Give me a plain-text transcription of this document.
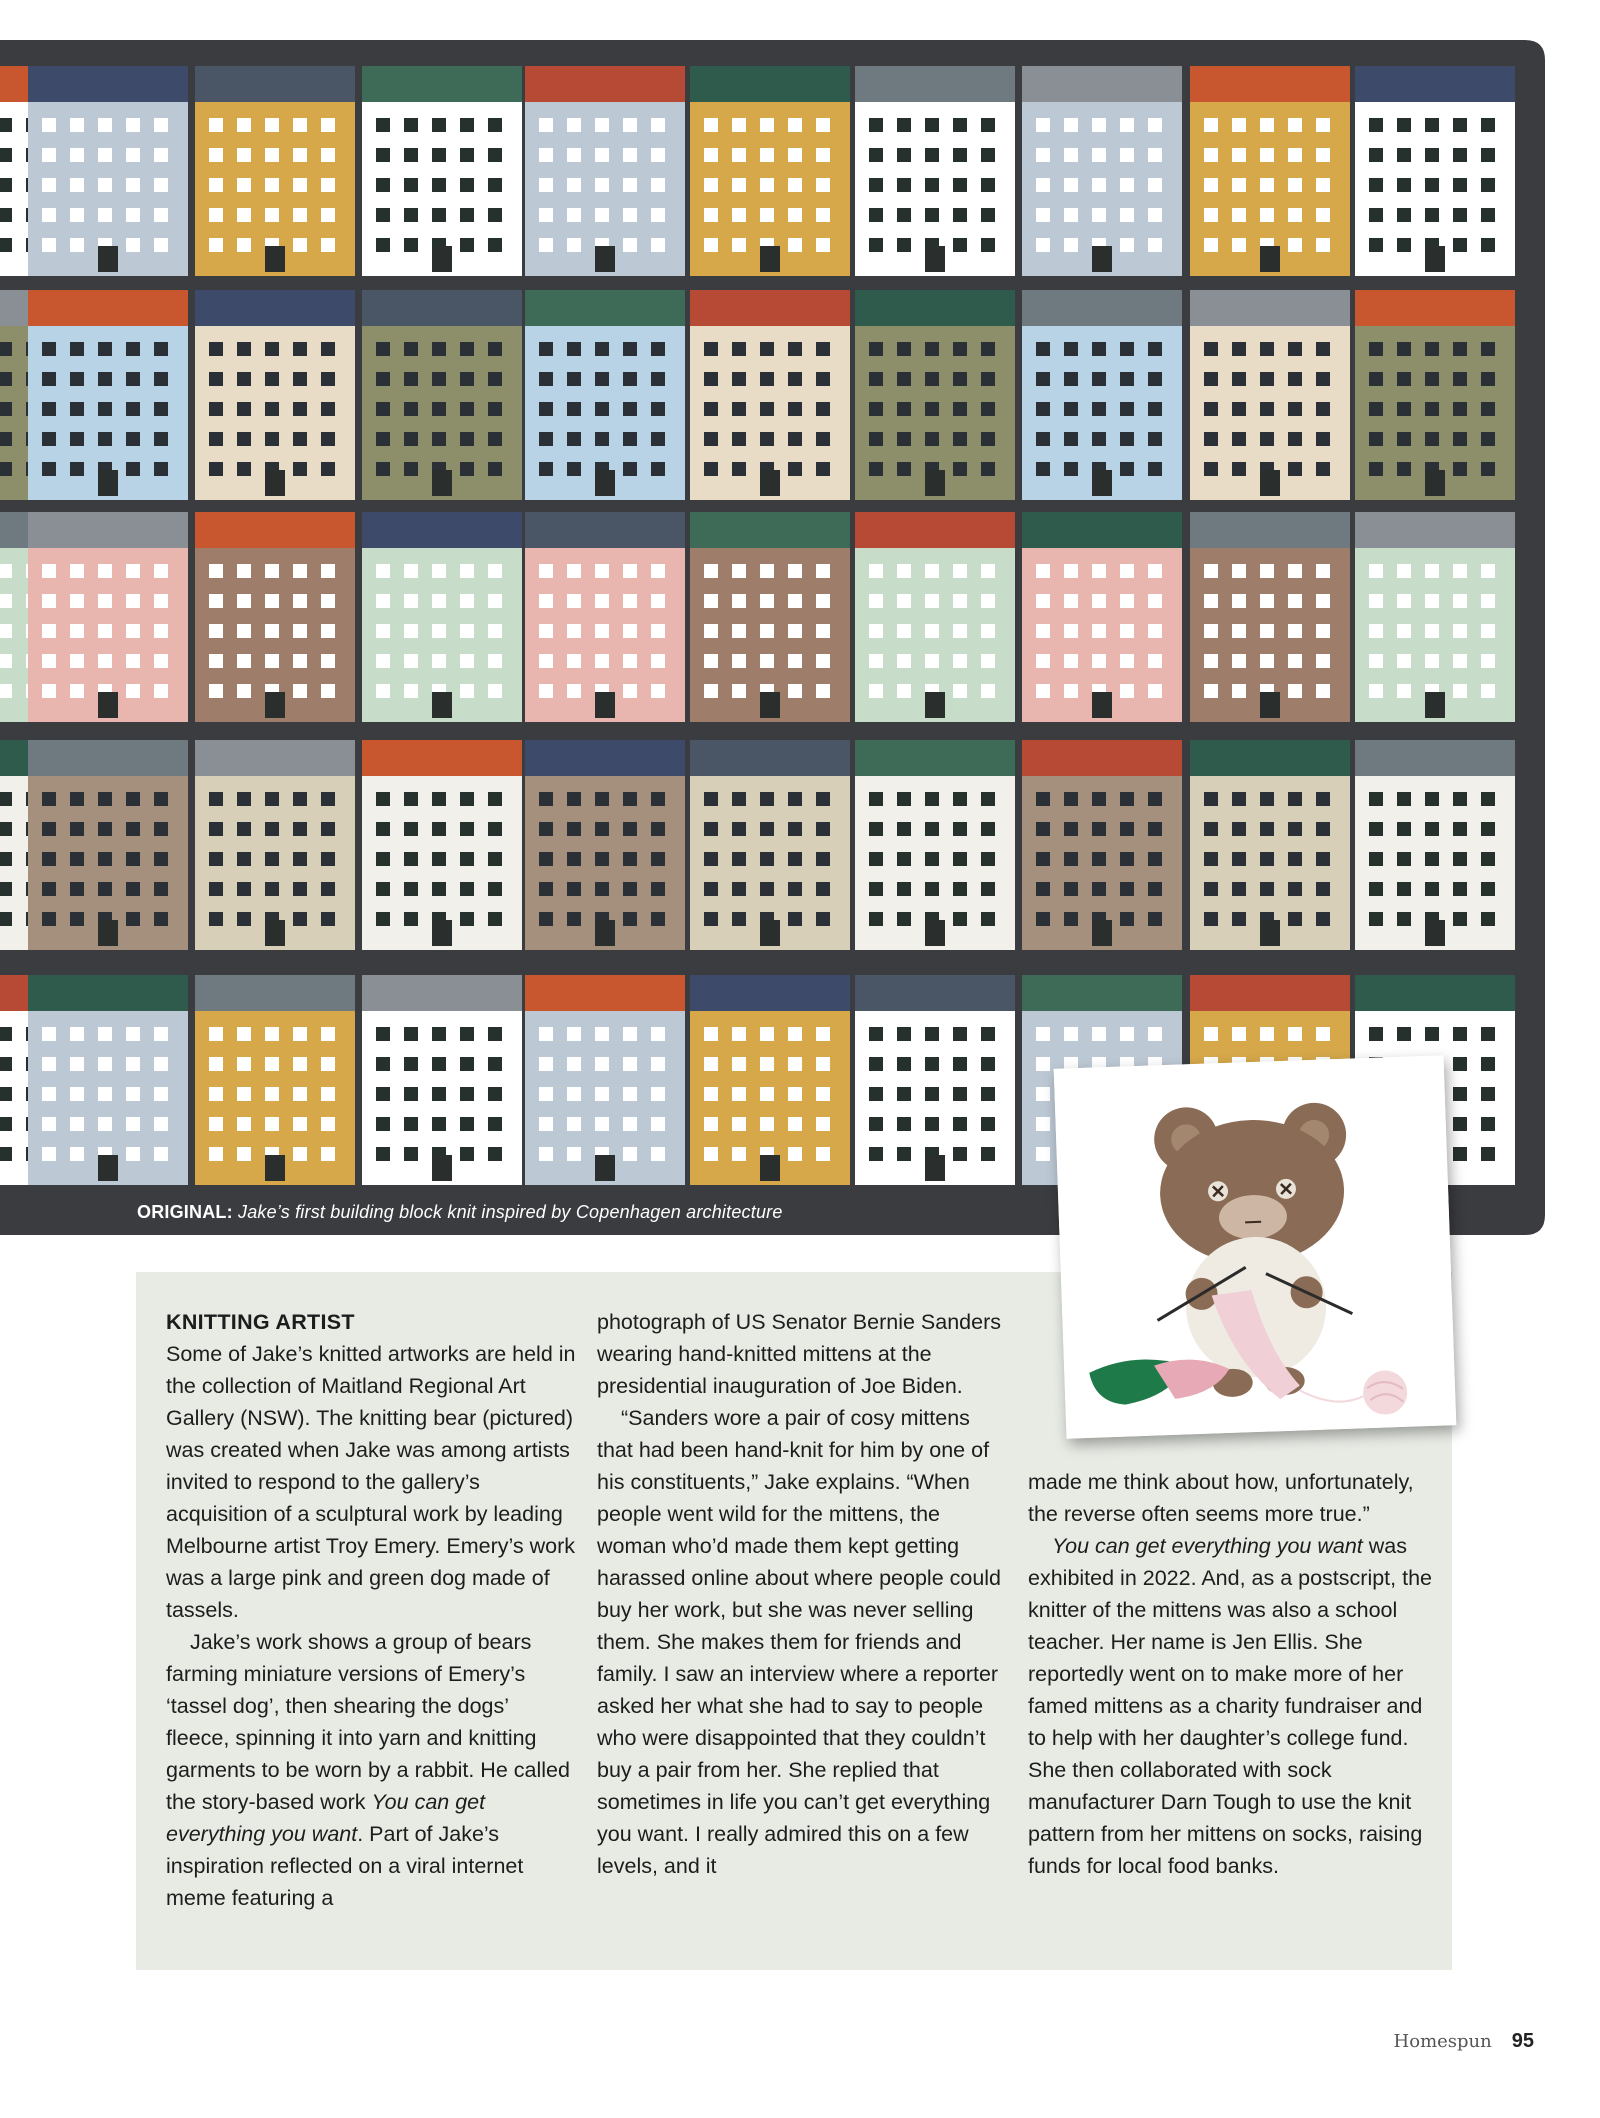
ORIGINAL: Jake’s first building block knit inspired by Copenhagen architecture

KNITTING ARTIST

Some of Jake’s knitted artworks are held in the collection of Maitland Regional Art Gallery (NSW). The knitting bear (pictured) was created when Jake was among artists invited to respond to the gallery’s acquisition of a sculptural work by leading Melbourne artist Troy Emery. Emery’s work was a large pink and green dog made of tassels.

Jake’s work shows a group of bears farming miniature versions of Emery’s ‘tassel dog’, then shearing the dogs’ fleece, spinning it into yarn and knitting garments to be worn by a rabbit. He called the story-based work You can get everything you want. Part of Jake’s inspiration reflected on a viral internet meme featuring a

photograph of US Senator Bernie Sanders wearing hand-knitted mittens at the presidential inauguration of Joe Biden.

“Sanders wore a pair of cosy mittens that had been hand-knit for him by one of his constituents,” Jake explains. “When people went wild for the mittens, the woman who’d made them kept getting harassed online about where people could buy her work, but she was never selling them. She makes them for friends and family. I saw an interview where a reporter asked her what she had to say to people who were disappointed that they couldn’t buy a pair from her. She replied that sometimes in life you can’t get everything you want. I really admired this on a few levels, and it

made me think about how, unfortunately, the reverse often seems more true.”

You can get everything you want was exhibited in 2022. And, as a postscript, the knitter of the mittens was also a school teacher. Her name is Jen Ellis. She reportedly went on to make more of her famed mittens as a charity fundraiser and to help with her daughter’s college fund. She then collaborated with sock manufacturer Darn Tough to use the knit pattern from her mittens on socks, raising funds for local food banks.

Homespun 95
